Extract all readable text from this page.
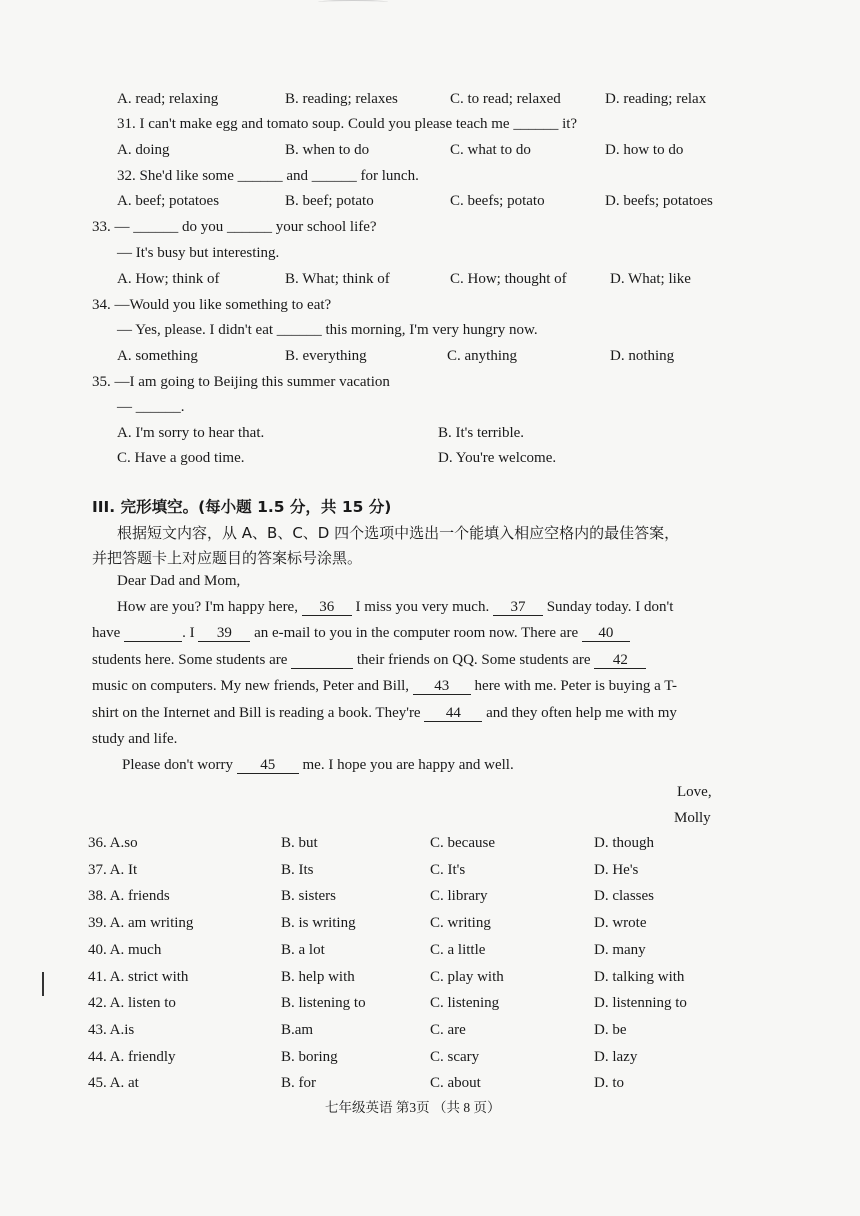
A. read; relaxing	B. reading; relaxes	C. to read; relaxed	D. reading; relax
31. I can't make egg and tomato soup. Could you please teach me ______ it?
A. doing	B. when to do	C. what to do	D. how to do
32. She'd like some ______ and ______ for lunch.
A. beef; potatoes	B. beef; potato	C. beefs; potato	D. beefs; potatoes
33. — ______ do you ______ your school life?
— It's busy but interesting.
A. How; think of	B. What; think of	C. How; thought of	D. What; like
34. —Would you like something to eat?
— Yes, please. I didn't eat ______ this morning, I'm very hungry now.
A. something	B. everything	C. anything	D. nothing
35. —I am going to Beijing this summer vacation
— ______.
A. I'm sorry to hear that.	B. It's terrible.
C. Have a good time.	D. You're welcome.
III. 完形填空。(每小题 1.5 分，共 15 分)
根据短文内容，从 A、B、C、D 四个选项中选出一个能填入相应空格内的最佳答案，
并把答题卡上对应题目的答案标号涂黑。
Dear Dad and Mom,
How are you? I'm happy here, 36 I miss you very much. 37 Sunday today. I don't
have	. I 39 an e-mail to you in the computer room now. There are 40
students here. Some students are	their friends on QQ. Some students are 42
music on computers. My new friends, Peter and Bill, 43 here with me. Peter is buying a T-
shirt on the Internet and Bill is reading a book. They're 44 and they often help me with my
study and life.
Please don't worry 45 me. I hope you are happy and well.
Love,
Molly
36. A.so	B. but	C. because	D. though
37. A. It	B. Its	C. It's	D. He's
38. A. friends	B. sisters	C. library	D. classes
39. A. am writing	B. is writing	C. writing	D. wrote
40. A. much	B. a lot	C. a little	D. many
41. A. strict with	B. help with	C. play with	D. talking with
42. A. listen to	B. listening to	C. listening	D. listenning to
43. A.is	B.am	C. are	D. be
44. A. friendly	B. boring	C. scary	D. lazy
45. A. at	B. for	C. about	D. to
七年级英语 第3页 （共 8 页）
